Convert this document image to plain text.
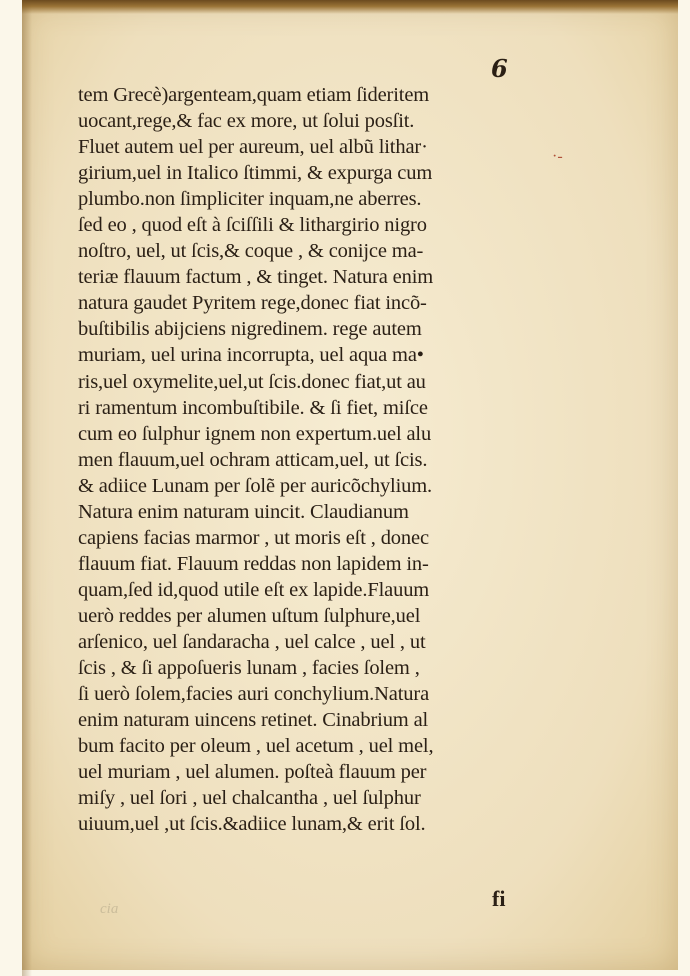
6
·-
tem Grecè)argenteam,quam etiam ſideritem
uocant,rege,& fac ex more, ut ſolui posſit.
Fluet autem uel per aureum, uel albũ lithar·
girium,uel in Italico ſtimmi, & expurga cum
plumbo.non ſimpliciter inquam,ne aberres.
ſed eo , quod eſt à ſciſſili & lithargirio nigro
noſtro, uel, ut ſcis,& coque , & conijce ma-
teriæ flauum factum , & tinget. Natura enim
natura gaudet Pyritem rege,donec fiat incõ-
buſtibilis abijciens nigredinem. rege autem
muriam, uel urina incorrupta, uel aqua ma•
ris,uel oxymelite,uel,ut ſcis.donec fiat,ut au
ri ramentum incombuſtibile. & ſi fiet, miſce
cum eo ſulphur ignem non expertum.uel alu
men flauum,uel ochram atticam,uel, ut ſcis.
& adiice Lunam per ſolẽ per auricõchylium.
Natura enim naturam uincit. Claudianum
capiens facias marmor , ut moris eſt , donec
flauum fiat. Flauum reddas non lapidem in-
quam,ſed id,quod utile eſt ex lapide.Flauum
uerò reddes per alumen uſtum ſulphure,uel
arſenico, uel ſandaracha , uel calce , uel , ut
ſcis , & ſi appoſueris lunam , facies ſolem ,
ſi uerò ſolem,facies auri conchylium.Natura
enim naturam uincens retinet. Cinabrium al
bum facito per oleum , uel acetum , uel mel,
uel muriam , uel alumen. poſteà flauum per
miſy , uel ſori , uel chalcantha , uel ſulphur
uiuum,uel ,ut ſcis.&adiice lunam,& erit ſol.
cia	fi
